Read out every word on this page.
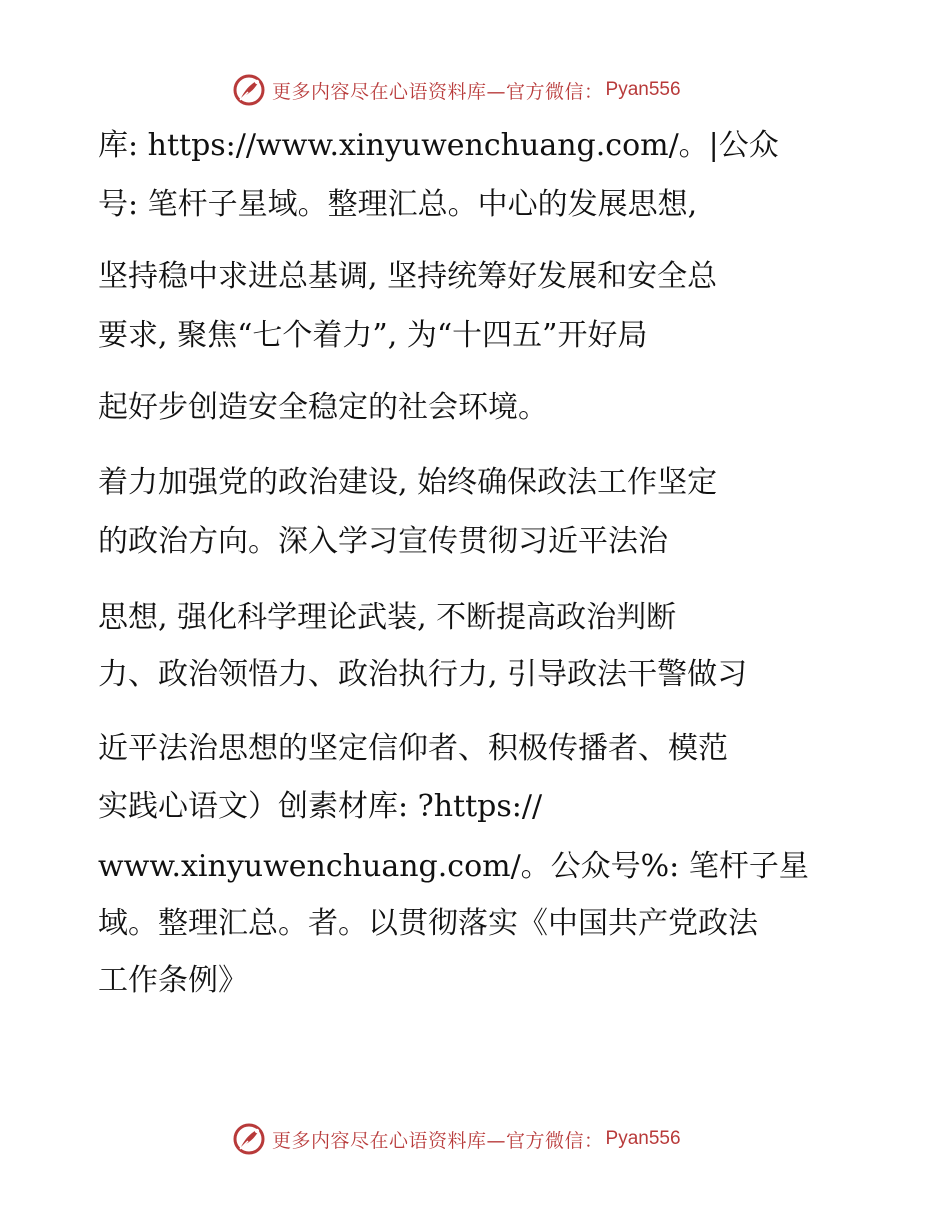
更多内容尽在心语资料库—官方微信： Pyan556
库: https://www.xinyuwenchuang.com/。|公众
号: 笔杆子星域。整理汇总。中心的发展思想,
坚持稳中求进总基调, 坚持统筹好发展和安全总
要求, 聚焦“七个着力”, 为“十四五”开好局
起好步创造安全稳定的社会环境。
着力加强党的政治建设, 始终确保政法工作坚定
的政治方向。深入学习宣传贯彻习近平法治
思想, 强化科学理论武装, 不断提高政治判断
力、政治领悟力、政治执行力, 引导政法干警做习
近平法治思想的坚定信仰者、积极传播者、模范
实践心语文）创素材库: ?https://
www.xinyuwenchuang.com/。公众号%: 笔杆子星
域。整理汇总。者。以贯彻落实《中国共产党政法
工作条例》
更多内容尽在心语资料库—官方微信： Pyan556
